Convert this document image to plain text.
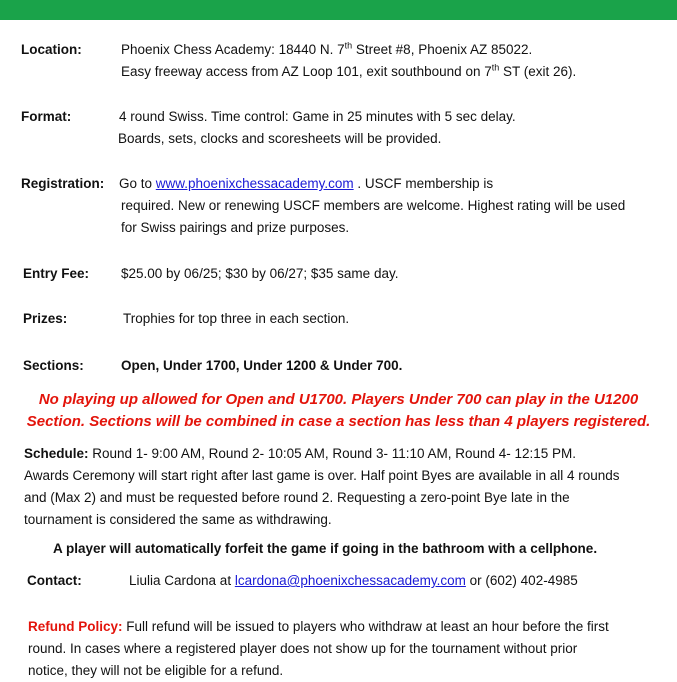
Location:	Phoenix Chess Academy: 18440 N. 7th Street #8, Phoenix AZ 85022.
Easy freeway access from AZ Loop 101, exit southbound on 7th ST (exit 26).
Format:	4 round Swiss. Time control: Game in 25 minutes with 5 sec delay.
Boards, sets, clocks and scoresheets will be provided.
Registration: Go to www.phoenixchessacademy.com . USCF membership is
required. New or renewing USCF members are welcome. Highest rating will be used
for Swiss pairings and prize purposes.
Entry Fee: $25.00 by 06/25; $30 by 06/27; $35 same day.
Prizes:	Trophies for top three in each section.
Sections:	Open, Under 1700, Under 1200 & Under 700.
No playing up allowed for Open and U1700. Players Under 700 can play in the U1200
Section. Sections will be combined in case a section has less than 4 players registered.
Schedule: Round 1- 9:00 AM, Round 2- 10:05 AM, Round 3- 11:10 AM, Round 4- 12:15 PM.
Awards Ceremony will start right after last game is over. Half point Byes are available in all 4 rounds
and (Max 2) and must be requested before round 2. Requesting a zero-point Bye late in the
tournament is considered the same as withdrawing.
A player will automatically forfeit the game if going in the bathroom with a cellphone.
Contact:	Liulia Cardona at lcardona@phoenixchessacademy.com or (602) 402-4985
Refund Policy: Full refund will be issued to players who withdraw at least an hour before the first
round. In cases where a registered player does not show up for the tournament without prior
notice, they will not be eligible for a refund.
